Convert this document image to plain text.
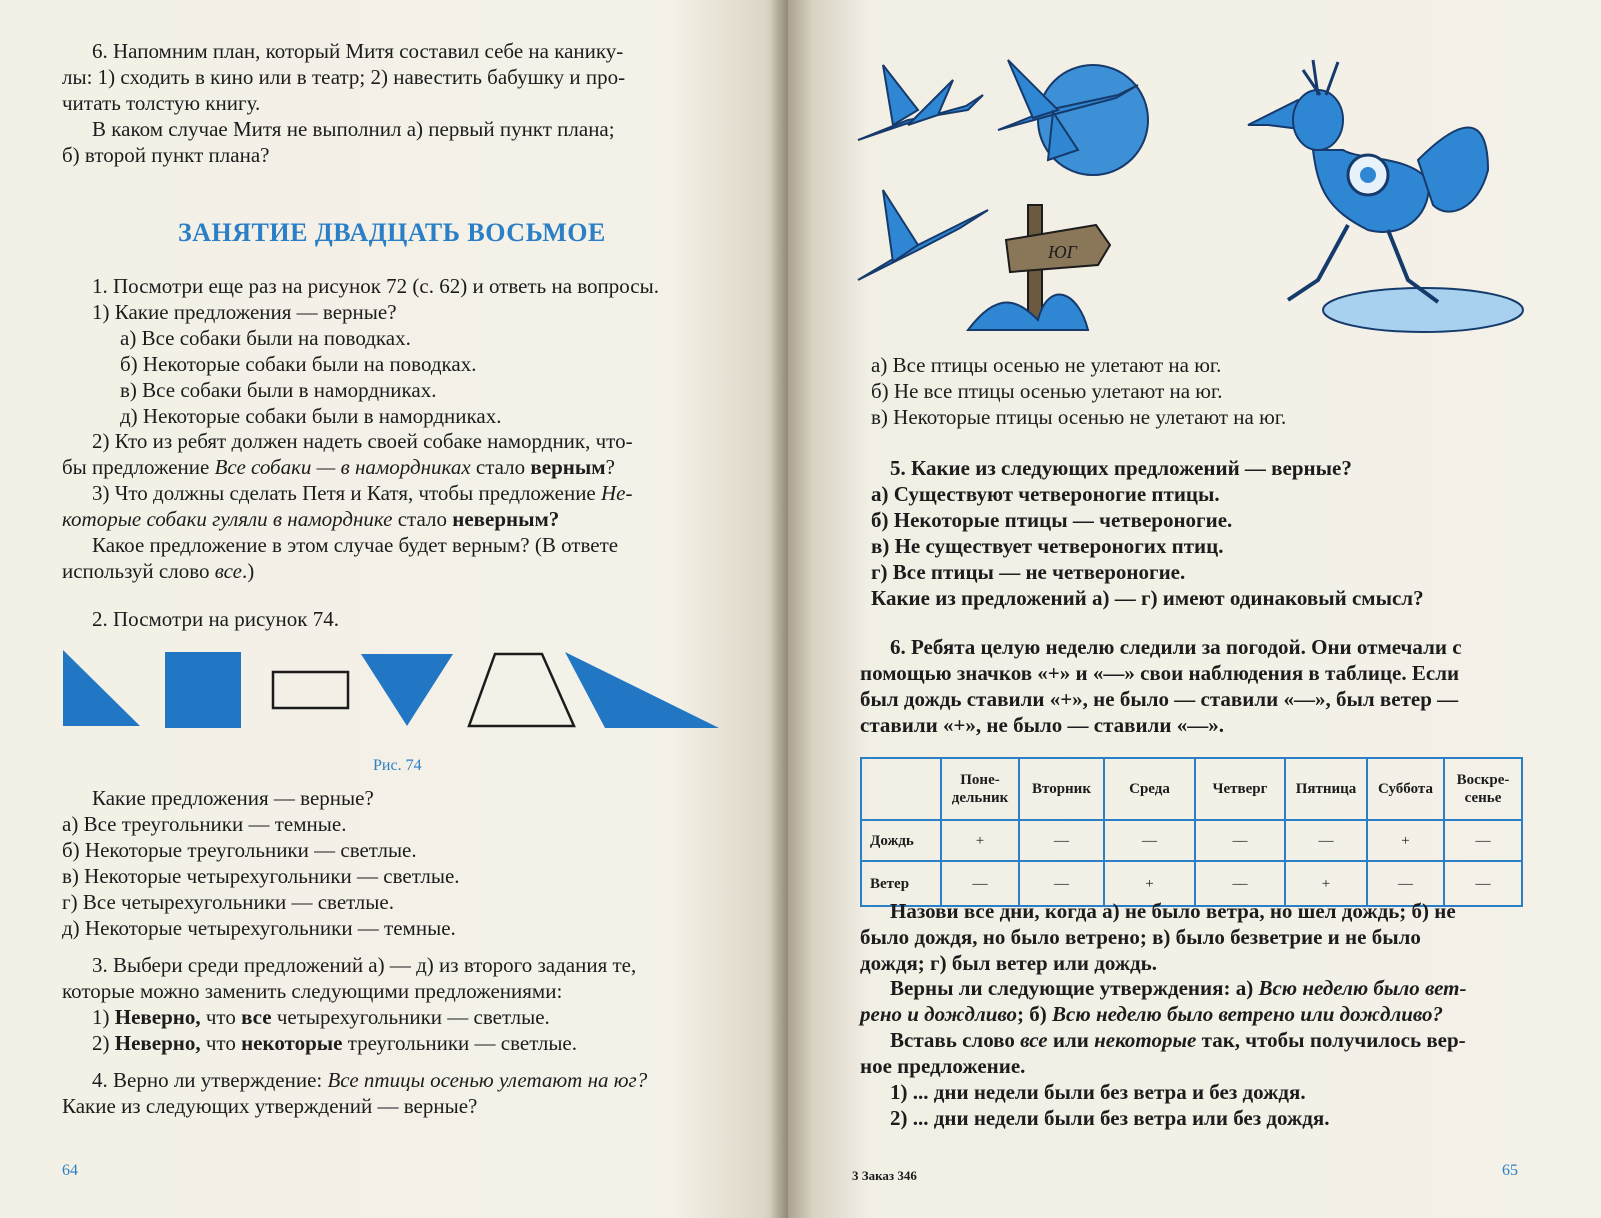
6. Напомним план, который Митя составил себе на канику-
лы: 1) сходить в кино или в театр; 2) навестить бабушку и про-
читать толстую книгу.

В каком случае Митя не выполнил а) первый пункт плана;
б) второй пункт плана?

ЗАНЯТИЕ ДВАДЦАТЬ ВОСЬМОЕ

1. Посмотри еще раз на рисунок 72 (с. 62) и ответь на вопросы.
1) Какие предложения — верные?
а) Все собаки были на поводках.
б) Некоторые собаки были на поводках.
в) Все собаки были в намордниках.
д) Некоторые собаки были в намордниках.

2) Кто из ребят должен надеть своей собаке намордник, что-
бы предложение Все собаки — в намордниках стало верным?

3) Что должны сделать Петя и Катя, чтобы предложение Не-
которые собаки гуляли в наморднике стало неверным?

Какое предложение в этом случае будет верным? (В ответе
используй слово все.)

2. Посмотри на рисунок 74.

Рис. 74

Какие предложения — верные?

а) Все треугольники — темные.
б) Некоторые треугольники — светлые.
в) Некоторые четырехугольники — светлые.
г) Все четырехугольники — светлые.
д) Некоторые четырехугольники — темные.

3. Выбери среди предложений а) — д) из второго задания те,
которые можно заменить следующими предложениями:
1) Неверно, что все четырехугольники — светлые.
2) Неверно, что некоторые треугольники — светлые.

4. Верно ли утверждение: Все птицы осенью улетают на юг?
Какие из следующих утверждений — верные?

64
ЮГ

а) Все птицы осенью не улетают на юг.
б) Не все птицы осенью улетают на юг.
в) Некоторые птицы осенью не улетают на юг.

5. Какие из следующих предложений — верные?

а) Существуют четвероногие птицы.
б) Некоторые птицы — четвероногие.
в) Не существует четвероногих птиц.
г) Все птицы — не четвероногие.
Какие из предложений а) — г) имеют одинаковый смысл?

6. Ребята целую неделю следили за погодой. Они отмечали с
помощью значков «+» и «—» свои наблюдения в таблице. Если
был дождь ставили «+», не было — ставили «—», был ветер —
ставили «+», не было — ставили «—».

	Поне-
дельник	Вторник	Среда	Четверг	Пятница	Суббота	Воскре-
сенье
Дождь	+	—	—	—	—	+	—
Ветер	—	—	+	—	+	—	—

Назови все дни, когда а) не было ветра, но шел дождь; б) не
было дождя, но было ветрено; в) было безветрие и не было
дождя; г) был ветер или дождь.

Верны ли следующие утверждения: а) Всю неделю было вет-
рено и дождливо; б) Всю неделю было ветрено или дождливо?

Вставь слово все или некоторые так, чтобы получилось вер-
ное предложение.
1) ... дни недели были без ветра и без дождя.
2) ... дни недели были без ветра или без дождя.

3 Заказ 346	65
